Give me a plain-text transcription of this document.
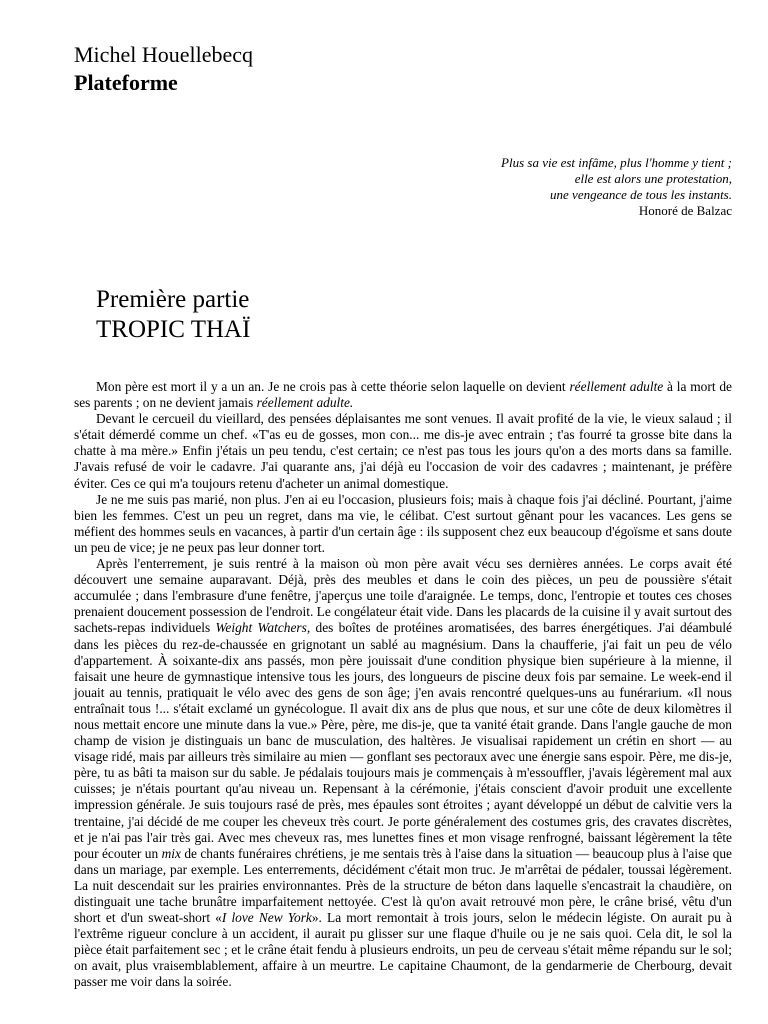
Michel Houellebecq
Plateforme
Plus sa vie est infâme, plus l'homme y tient ;
elle est alors une protestation,
une vengeance de tous les instants.
Honoré de Balzac
Première partie
TROPIC THAÏ

Mon père est mort il y a un an. Je ne crois pas à cette théorie selon laquelle on devient réellement adulte à la mort de ses parents ; on ne devient jamais réellement adulte.

Devant le cercueil du vieillard, des pensées déplaisantes me sont venues. Il avait profité de la vie, le vieux salaud ; il s'était démerdé comme un chef. «T'as eu de gosses, mon con... me dis-je avec entrain ; t'as fourré ta grosse bite dans la chatte à ma mère.» Enfin j'étais un peu tendu, c'est certain; ce n'est pas tous les jours qu'on a des morts dans sa famille. J'avais refusé de voir le cadavre. J'ai quarante ans, j'ai déjà eu l'occasion de voir des cadavres ; maintenant, je préfère éviter. Ces ce qui m'a toujours retenu d'acheter un animal domestique.

Je ne me suis pas marié, non plus. J'en ai eu l'occasion, plusieurs fois; mais à chaque fois j'ai décliné. Pourtant, j'aime bien les femmes. C'est un peu un regret, dans ma vie, le célibat. C'est surtout gênant pour les vacances. Les gens se méfient des hommes seuls en vacances, à partir d'un certain âge : ils supposent chez eux beaucoup d'égoïsme et sans doute un peu de vice; je ne peux pas leur donner tort.

Après l'enterrement, je suis rentré à la maison où mon père avait vécu ses dernières années. Le corps avait été découvert une semaine auparavant. Déjà, près des meubles et dans le coin des pièces, un peu de poussière s'était accumulée ; dans l'embrasure d'une fenêtre, j'aperçus une toile d'araignée. Le temps, donc, l'entropie et toutes ces choses prenaient doucement possession de l'endroit. Le congélateur était vide. Dans les placards de la cuisine il y avait surtout des sachets-repas individuels Weight Watchers, des boîtes de protéines aromatisées, des barres énergétiques. J'ai déambulé dans les pièces du rez-de-chaussée en grignotant un sablé au magnésium. Dans la chaufferie, j'ai fait un peu de vélo d'appartement. À soixante-dix ans passés, mon père jouissait d'une condition physique bien supérieure à la mienne, il faisait une heure de gymnastique intensive tous les jours, des longueurs de piscine deux fois par semaine. Le week-end il jouait au tennis, pratiquait le vélo avec des gens de son âge; j'en avais rencontré quelques-uns au funérarium. «Il nous entraînait tous !... s'était exclamé un gynécologue. Il avait dix ans de plus que nous, et sur une côte de deux kilomètres il nous mettait encore une minute dans la vue.» Père, père, me dis-je, que ta vanité était grande. Dans l'angle gauche de mon champ de vision je distinguais un banc de musculation, des haltères. Je visualisai rapidement un crétin en short — au visage ridé, mais par ailleurs très similaire au mien — gonflant ses pectoraux avec une énergie sans espoir. Père, me dis-je, père, tu as bâti ta maison sur du sable. Je pédalais toujours mais je commençais à m'essouffler, j'avais légèrement mal aux cuisses; je n'étais pourtant qu'au niveau un. Repensant à la cérémonie, j'étais conscient d'avoir produit une excellente impression générale. Je suis toujours rasé de près, mes épaules sont étroites ; ayant développé un début de calvitie vers la trentaine, j'ai décidé de me couper les cheveux très court. Je porte généralement des costumes gris, des cravates discrètes, et je n'ai pas l'air très gai. Avec mes cheveux ras, mes lunettes fines et mon visage renfrogné, baissant légèrement la tête pour écouter un mix de chants funéraires chrétiens, je me sentais très à l'aise dans la situation — beaucoup plus à l'aise que dans un mariage, par exemple. Les enterrements, décidément c'était mon truc. Je m'arrêtai de pédaler, toussai légèrement. La nuit descendait sur les prairies environnantes. Près de la structure de béton dans laquelle s'encastrait la chaudière, on distinguait une tache brunâtre imparfaitement nettoyée. C'est là qu'on avait retrouvé mon père, le crâne brisé, vêtu d'un short et d'un sweat-short «I love New York». La mort remontait à trois jours, selon le médecin légiste. On aurait pu à l'extrême rigueur conclure à un accident, il aurait pu glisser sur une flaque d'huile ou je ne sais quoi. Cela dit, le sol la pièce était parfaitement sec ; et le crâne était fendu à plusieurs endroits, un peu de cerveau s'était même répandu sur le sol; on avait, plus vraisemblablement, affaire à un meurtre. Le capitaine Chaumont, de la gendarmerie de Cherbourg, devait passer me voir dans la soirée.
